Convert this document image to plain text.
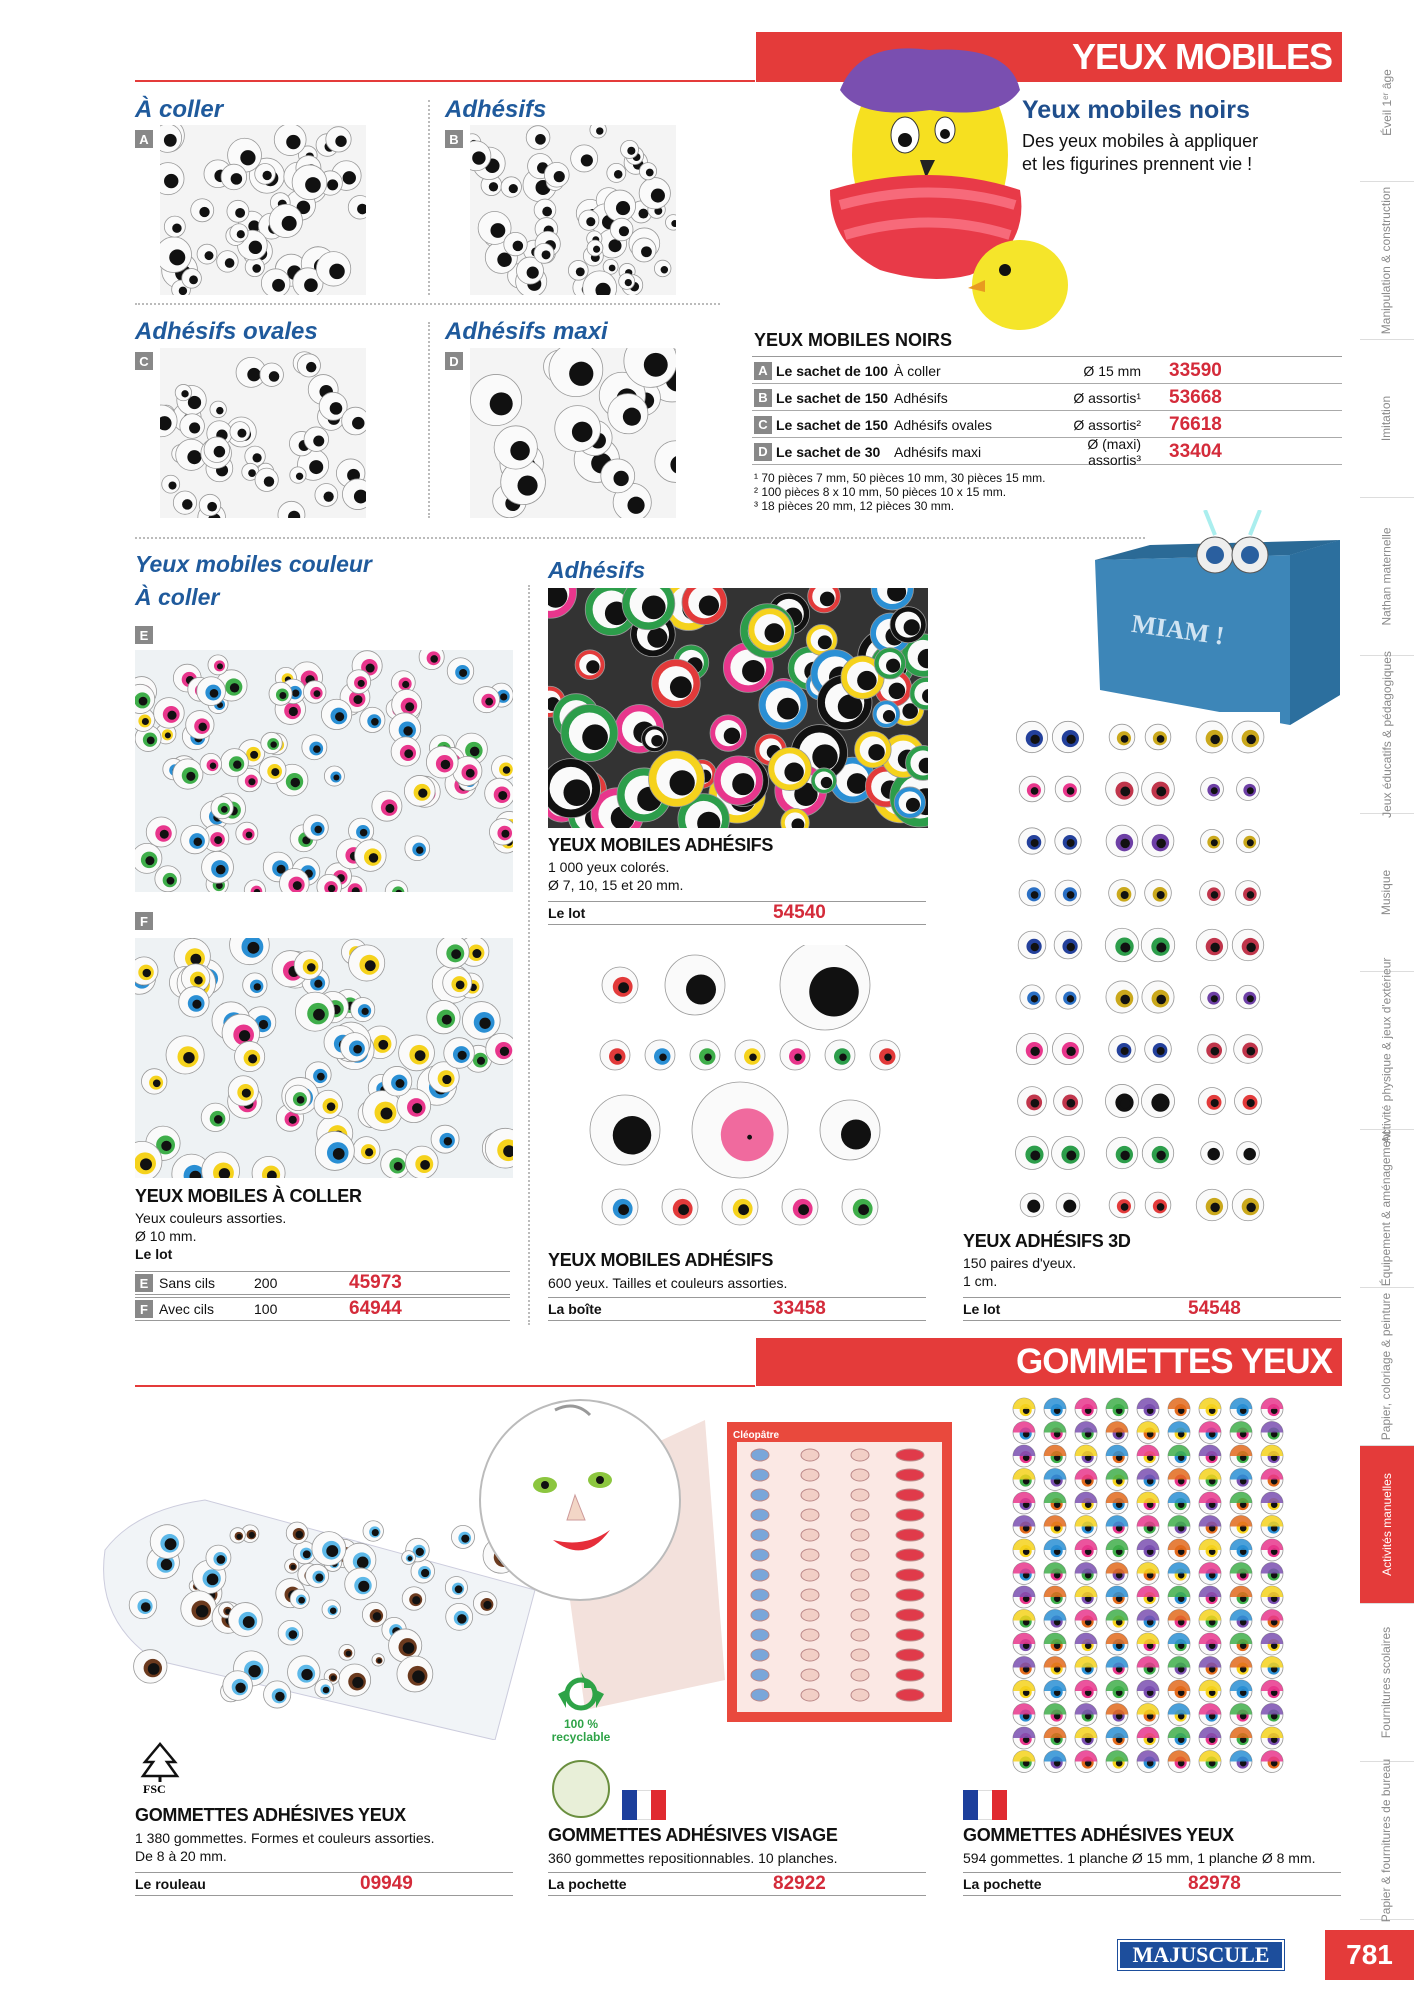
YEUX MOBILES
À coller
A
Adhésifs
B
Adhésifs ovales
C
Adhésifs maxi
D
Yeux mobiles noirs
Des yeux mobiles à appliquer
et les figurines prennent vie !
YEUX MOBILES NOIRS
A Le sachet de 100 À coller	Ø 15 mm	33590
B Le sachet de 150 Adhésifs	Ø assortis¹	53668
C Le sachet de 150 Adhésifs ovales	Ø assortis²	76618
D Le sachet de 30 Adhésifs maxi	Ø (maxi) assortis³	33404
¹ 70 pièces 7 mm, 50 pièces 10 mm, 30 pièces 15 mm.
² 100 pièces 8 x 10 mm, 50 pièces 10 x 15 mm.
³ 18 pièces 20 mm, 12 pièces 30 mm.
Yeux mobiles couleur
À coller
E
F
YEUX MOBILES À COLLER
Yeux couleurs assorties.
Ø 10 mm.
Le lot
E Sans cils	200	45973
F Avec cils	100	64944
Adhésifs
YEUX MOBILES ADHÉSIFS
1 000 yeux colorés.
Ø 7, 10, 15 et 20 mm.
Le lot	54540
YEUX MOBILES ADHÉSIFS
600 yeux. Tailles et couleurs assorties.
La boîte	33458
MIAM !
YEUX ADHÉSIFS 3D
150 paires d'yeux.
1 cm.
Le lot	54548
GOMMETTES YEUX
FSC
GOMMETTES ADHÉSIVES YEUX
1 380 gommettes. Formes et couleurs assorties.
De 8 à 20 mm.
Le rouleau	09949
Cléopâtre
100 %
recyclable
GOMMETTES ADHÉSIVES VISAGE
360 gommettes repositionnables. 10 planches.
La pochette	82922
GOMMETTES ADHÉSIVES YEUX
594 gommettes. 1 planche Ø 15 mm, 1 planche Ø 8 mm.
La pochette	82978
Éveil 1ᵉʳ âge
Manipulation & construction
Imitation
Nathan maternelle
Jeux éducatifs & pédagogiques
Musique
Activité physique & jeux d'extérieur
Équipement & aménagement
Papier, coloriage & peinture
Activités manuelles
Fournitures scolaires
Papier & fournitures de bureau
MAJUSCULE	781
